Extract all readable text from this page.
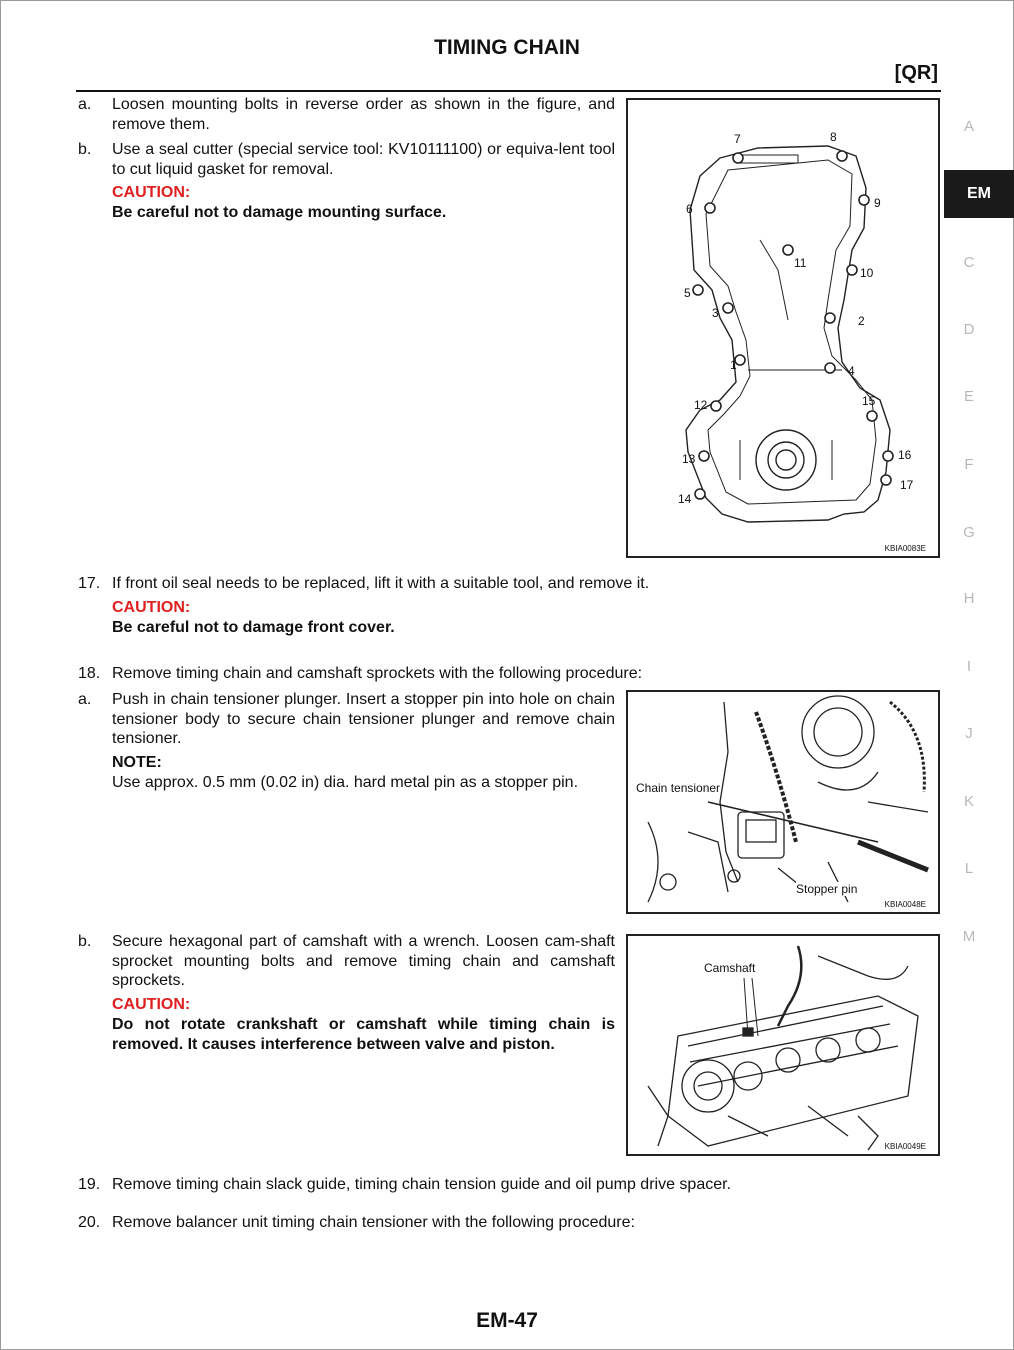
TIMING CHAIN
[QR]
a. Loosen mounting bolts in reverse order as shown in the figure, and remove them.
b. Use a seal cutter (special service tool: KV10111100) or equiva-lent tool to cut liquid gasket for removal.
CAUTION:
Be careful not to damage mounting surface.
1
2
3
4
5
6
7	8
9
10
11
12
13
14
15
16
17
KBIA0083E
17. If front oil seal needs to be replaced, lift it with a suitable tool, and remove it.
CAUTION:
Be careful not to damage front cover.
18. Remove timing chain and camshaft sprockets with the following procedure:
a. Push in chain tensioner plunger. Insert a stopper pin into hole on chain tensioner body to secure chain tensioner plunger and remove chain tensioner.
NOTE:
Use approx. 0.5 mm (0.02 in) dia. hard metal pin as a stopper pin.	Chain tensioner
Stopper pin
KBIA0048E
b. Secure hexagonal part of camshaft with a wrench. Loosen cam-shaft sprocket mounting bolts and remove timing chain and camshaft sprockets.
CAUTION:
Do not rotate crankshaft or camshaft while timing chain is removed. It causes interference between valve and piston.
Camshaft
KBIA0049E
19. Remove timing chain slack guide, timing chain tension guide and oil pump drive spacer.
20. Remove balancer unit timing chain tensioner with the following procedure:
A
EM
C
D
E
F
G
H
I
J
K
L
M
EM-47
